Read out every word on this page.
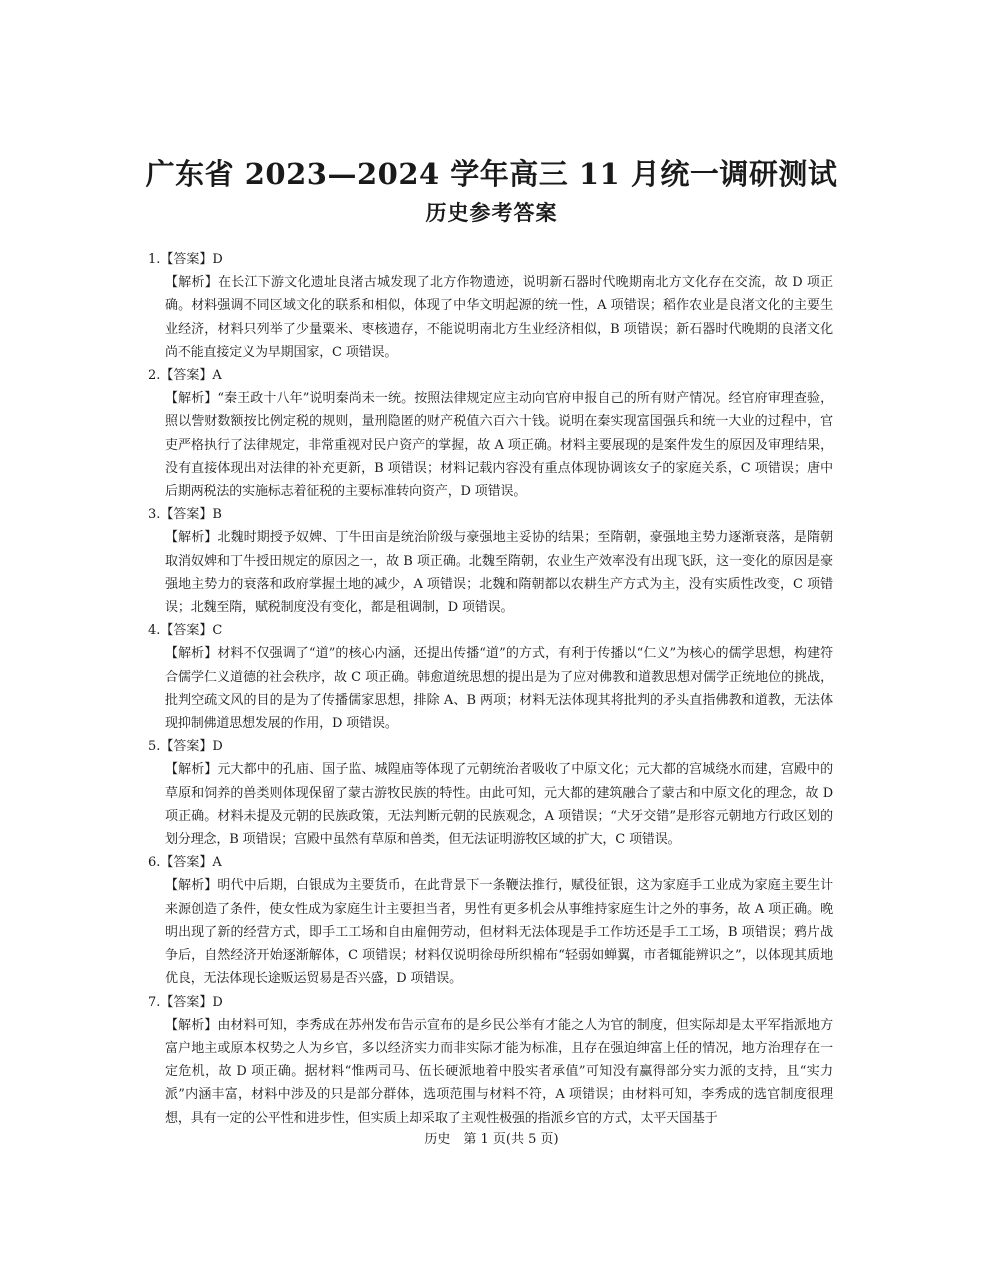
广东省 2023—2024 学年高三 11 月统一调研测试
历史参考答案
1.【答案】D
【解析】在长江下游文化遗址良渚古城发现了北方作物遗迹，说明新石器时代晚期南北方文化存在交流，故 D 项正确。材料强调不同区域文化的联系和相似，体现了中华文明起源的统一性，A 项错误；稻作农业是良渚文化的主要生业经济，材料只列举了少量粟米、枣核遗存，不能说明南北方生业经济相似，B 项错误；新石器时代晚期的良渚文化尚不能直接定义为早期国家，C 项错误。
2.【答案】A
【解析】“秦王政十八年”说明秦尚未一统。按照法律规定应主动向官府申报自己的所有财产情况。经官府审理查验，照以訾财数额按比例定税的规则，量刑隐匿的财产税值六百六十钱。说明在秦实现富国强兵和统一大业的过程中，官吏严格执行了法律规定，非常重视对民户资产的掌握，故 A 项正确。材料主要展现的是案件发生的原因及审理结果，没有直接体现出对法律的补充更新，B 项错误；材料记载内容没有重点体现协调该女子的家庭关系，C 项错误；唐中后期两税法的实施标志着征税的主要标准转向资产，D 项错误。
3.【答案】B
【解析】北魏时期授予奴婢、丁牛田亩是统治阶级与豪强地主妥协的结果；至隋朝，豪强地主势力逐渐衰落，是隋朝取消奴婢和丁牛授田规定的原因之一，故 B 项正确。北魏至隋朝，农业生产效率没有出现飞跃，这一变化的原因是豪强地主势力的衰落和政府掌握土地的减少，A 项错误；北魏和隋朝都以农耕生产方式为主，没有实质性改变，C 项错误；北魏至隋，赋税制度没有变化，都是租调制，D 项错误。
4.【答案】C
【解析】材料不仅强调了“道”的核心内涵，还提出传播“道”的方式，有利于传播以“仁义”为核心的儒学思想，构建符合儒学仁义道德的社会秩序，故 C 项正确。韩愈道统思想的提出是为了应对佛教和道教思想对儒学正统地位的挑战，批判空疏文风的目的是为了传播儒家思想，排除 A、B 两项；材料无法体现其将批判的矛头直指佛教和道教，无法体现抑制佛道思想发展的作用，D 项错误。
5.【答案】D
【解析】元大都中的孔庙、国子监、城隍庙等体现了元朝统治者吸收了中原文化；元大都的宫城绕水而建，宫殿中的草原和饲养的兽类则体现保留了蒙古游牧民族的特性。由此可知，元大都的建筑融合了蒙古和中原文化的理念，故 D 项正确。材料未提及元朝的民族政策，无法判断元朝的民族观念，A 项错误；“犬牙交错”是形容元朝地方行政区划的划分理念，B 项错误；宫殿中虽然有草原和兽类，但无法证明游牧区域的扩大，C 项错误。
6.【答案】A
【解析】明代中后期，白银成为主要货币，在此背景下一条鞭法推行，赋役征银，这为家庭手工业成为家庭主要生计来源创造了条件，使女性成为家庭生计主要担当者，男性有更多机会从事维持家庭生计之外的事务，故 A 项正确。晚明出现了新的经营方式，即手工工场和自由雇佣劳动，但材料无法体现是手工作坊还是手工工场，B 项错误；鸦片战争后，自然经济开始逐渐解体，C 项错误；材料仅说明徐母所织棉布“轻弱如蝉翼，市者辄能辨识之”，以体现其质地优良，无法体现长途贩运贸易是否兴盛，D 项错误。
7.【答案】D
【解析】由材料可知，李秀成在苏州发布告示宣布的是乡民公举有才能之人为官的制度，但实际却是太平军指派地方富户地主或原本权势之人为乡官，多以经济实力而非实际才能为标准，且存在强迫绅富上任的情况，地方治理存在一定危机，故 D 项正确。据材料“惟两司马、伍长硬派地着中股实者承值”可知没有赢得部分实力派的支持，且“实力派”内涵丰富，材料中涉及的只是部分群体，选项范围与材料不符，A 项错误；由材料可知，李秀成的选官制度很理想，具有一定的公平性和进步性，但实质上却采取了主观性极强的指派乡官的方式，太平天国基于
历史　第 1 页(共 5 页)
